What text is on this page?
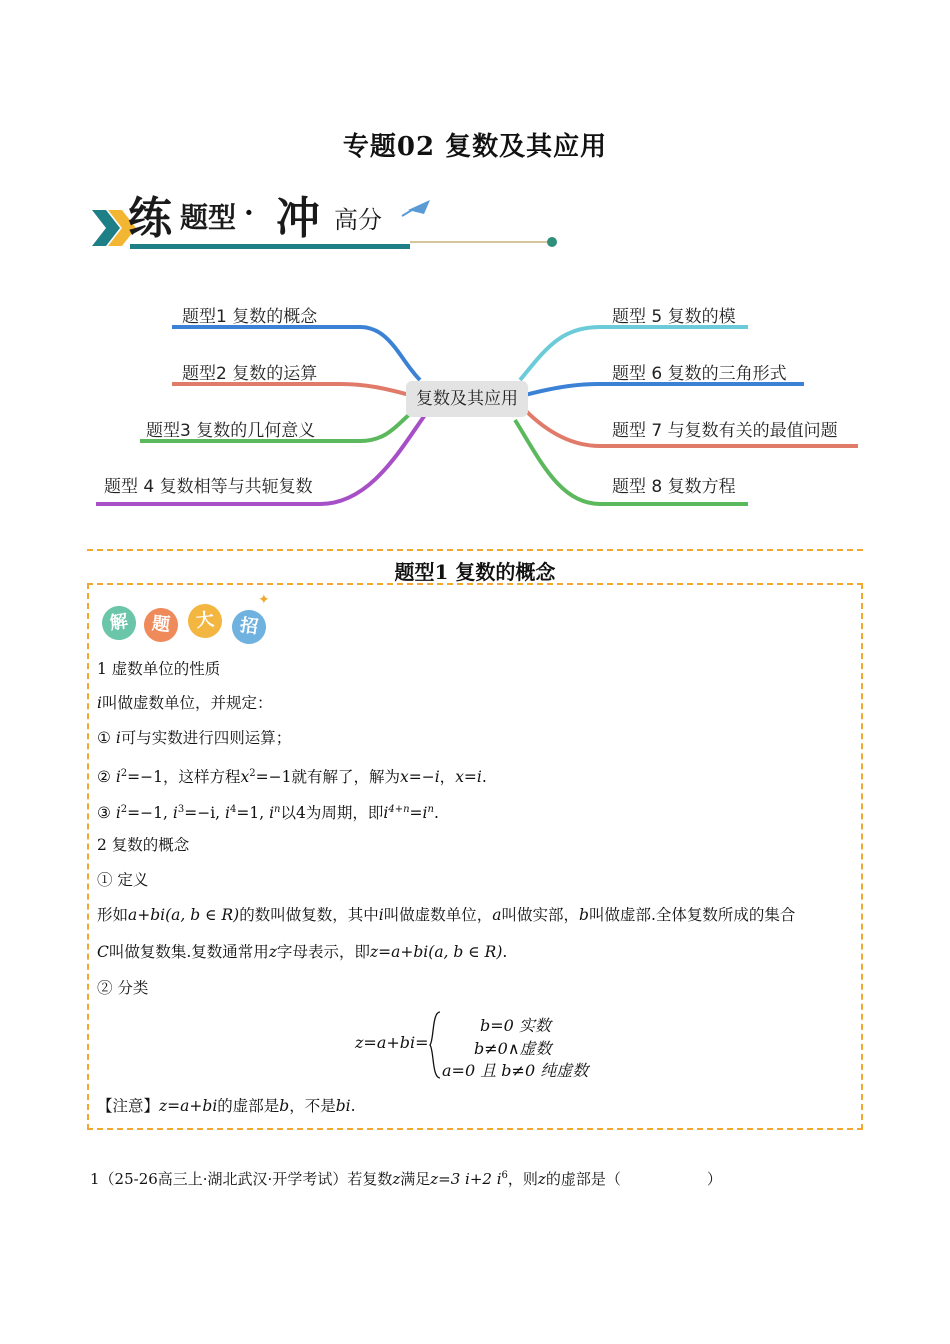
专题02 复数及其应用
练 题型 · 冲 高分
复数及其应用
题型1 复数的概念
题型2 复数的运算
题型3 复数的几何意义
题型 4 复数相等与共轭复数
题型 5 复数的模
题型 6 复数的三角形式
题型 7 与复数有关的最值问题
题型 8 复数方程
题型1 复数的概念
解	题	大	招
✦
1 虚数单位的性质
i叫做虚数单位，并规定：
① i可与实数进行四则运算；
② $i^2=-1$，这样方程$x^2=-1$就有解了，解为x=−i，x=i.
③ $i^2=-1$, $i^3=-i$, $i^4=1$, $i^n$以4为周期，即$i^{4+n}=i^n$.
2 复数的概念
① 定义
形如a+bi(a, b ∈ R)的数叫做复数，其中i叫做虚数单位，a叫做实部，b叫做虚部.全体复数所成的集合
C叫做复数集.复数通常用z字母表示，即z=a+bi(a, b ∈ R).
② 分类
z=a+bi=
b=0 实数
b≠0∧虚数
a=0 且 b≠0 纯虚数
【注意】z=a+bi的虚部是b，不是bi.
1（25-26高三上·湖北武汉·开学考试）若复数z满足z=3 i+2 $i^6$，则z的虚部是（	）
